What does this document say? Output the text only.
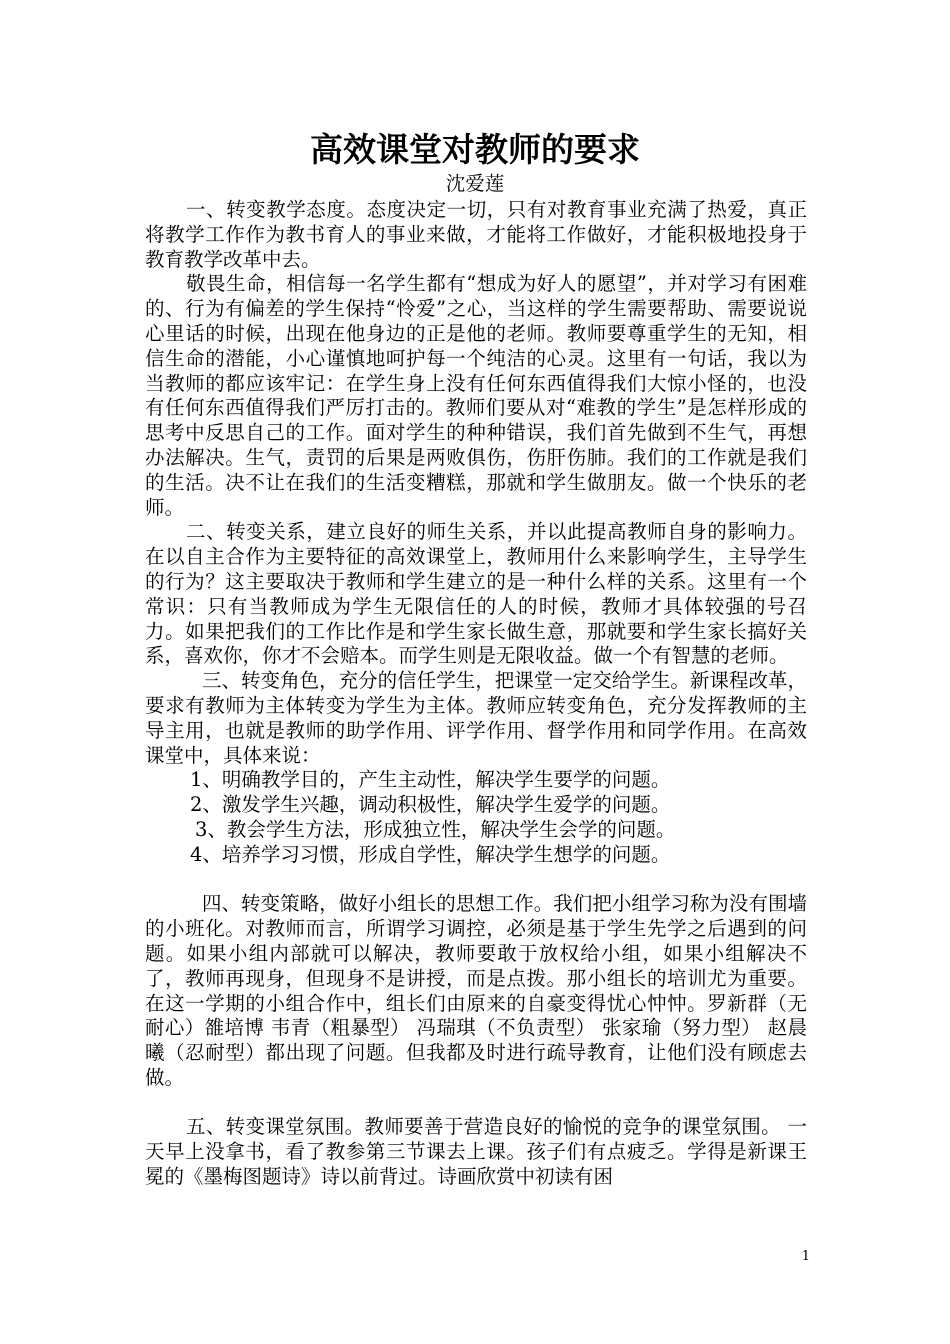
高效课堂对教师的要求
沈爱莲

一、转变教学态度。态度决定一切，只有对教育事业充满了热爱，真正将教学工作作为教书育人的事业来做，才能将工作做好，才能积极地投身于教育教学改革中去。

敬畏生命，相信每一名学生都有“想成为好人的愿望”，并对学习有困难的、行为有偏差的学生保持“怜爱”之心，当这样的学生需要帮助、需要说说心里话的时候，出现在他身边的正是他的老师。教师要尊重学生的无知，相信生命的潜能，小心谨慎地呵护每一个纯洁的心灵。这里有一句话，我以为当教师的都应该牢记：在学生身上没有任何东西值得我们大惊小怪的，也没有任何东西值得我们严厉打击的。教师们要从对“难教的学生”是怎样形成的思考中反思自己的工作。面对学生的种种错误，我们首先做到不生气，再想办法解决。生气，责罚的后果是两败俱伤，伤肝伤肺。我们的工作就是我们的生活。决不让在我们的生活变糟糕，那就和学生做朋友。做一个快乐的老师。

二、转变关系，建立良好的师生关系，并以此提高教师自身的影响力。在以自主合作为主要特征的高效课堂上，教师用什么来影响学生，主导学生的行为？这主要取决于教师和学生建立的是一种什么样的关系。这里有一个常识：只有当教师成为学生无限信任的人的时候，教师才具体较强的号召力。如果把我们的工作比作是和学生家长做生意，那就要和学生家长搞好关系，喜欢你，你才不会赔本。而学生则是无限收益。做一个有智慧的老师。

三、转变角色，充分的信任学生，把课堂一定交给学生。新课程改革，要求有教师为主体转变为学生为主体。教师应转变角色，充分发挥教师的主导主用，也就是教师的助学作用、评学作用、督学作用和同学作用。在高效课堂中，具体来说：

1、明确教学目的，产生主动性，解决学生要学的问题。

2、激发学生兴趣，调动积极性，解决学生爱学的问题。

3、教会学生方法，形成独立性，解决学生会学的问题。

4、培养学习习惯，形成自学性，解决学生想学的问题。

四、转变策略，做好小组长的思想工作。我们把小组学习称为没有围墙的小班化。对教师而言，所谓学习调控，必须是基于学生先学之后遇到的问题。如果小组内部就可以解决，教师要敢于放权给小组，如果小组解决不了，教师再现身，但现身不是讲授，而是点拨。那小组长的培训尤为重要。在这一学期的小组合作中，组长们由原来的自豪变得忧心忡忡。罗新群（无耐心）雒培博 韦青（粗暴型） 冯瑞琪（不负责型） 张家瑜（努力型） 赵晨曦（忍耐型）都出现了问题。但我都及时进行疏导教育，让他们没有顾虑去做。

五、转变课堂氛围。教师要善于营造良好的愉悦的竞争的课堂氛围。 一天早上没拿书，看了教参第三节课去上课。孩子们有点疲乏。学得是新课王冕的《墨梅图题诗》诗以前背过。诗画欣赏中初读有困

1
